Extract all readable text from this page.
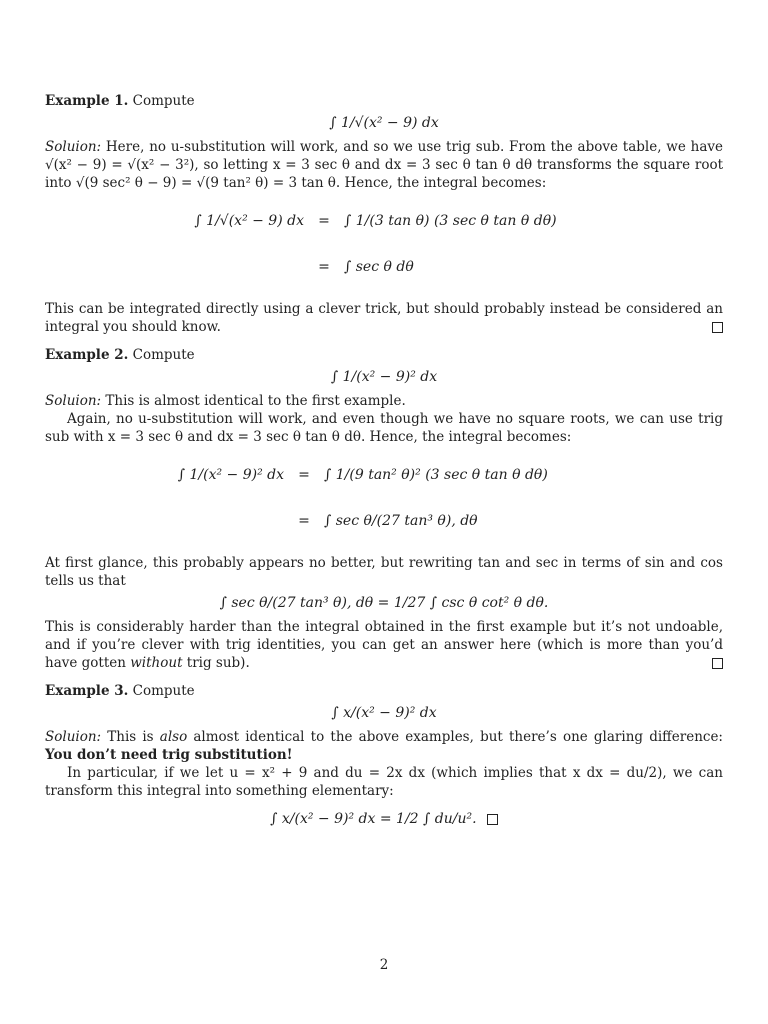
Example 1. Compute

∫ 1/√(x² − 9) dx

Soluion: Here, no u-substitution will work, and so we use trig sub. From the above table, we have √(x² − 9) = √(x² − 3²), so letting x = 3 sec θ and dx = 3 sec θ tan θ dθ transforms the square root into √(9 sec² θ − 9) = √(9 tan² θ) = 3 tan θ. Hence, the integral becomes:

∫ 1/√(x² − 9) dx	=	∫ 1/(3 tan θ) (3 sec θ tan θ dθ)
=	∫ sec θ dθ

This can be integrated directly using a clever trick, but should probably instead be considered an integral you should know.

Example 2. Compute

∫ 1/(x² − 9)² dx

Soluion: This is almost identical to the first example.

Again, no u-substitution will work, and even though we have no square roots, we can use trig sub with x = 3 sec θ and dx = 3 sec θ tan θ dθ. Hence, the integral becomes:

∫ 1/(x² − 9)² dx	=	∫ 1/(9 tan² θ)² (3 sec θ tan θ dθ)
=	∫ sec θ/(27 tan³ θ), dθ

At first glance, this probably appears no better, but rewriting tan and sec in terms of sin and cos tells us that

∫ sec θ/(27 tan³ θ), dθ = 1/27 ∫ csc θ cot² θ dθ.

This is considerably harder than the integral obtained in the first example but it’s not undoable, and if you’re clever with trig identities, you can get an answer here (which is more than you’d have gotten without trig sub).

Example 3. Compute

∫ x/(x² − 9)² dx

Soluion: This is also almost identical to the above examples, but there’s one glaring difference: You don’t need trig substitution!

In particular, if we let u = x² + 9 and du = 2x dx (which implies that x dx = du/2), we can transform this integral into something elementary:

∫ x/(x² − 9)² dx = 1/2 ∫ du/u².
2
